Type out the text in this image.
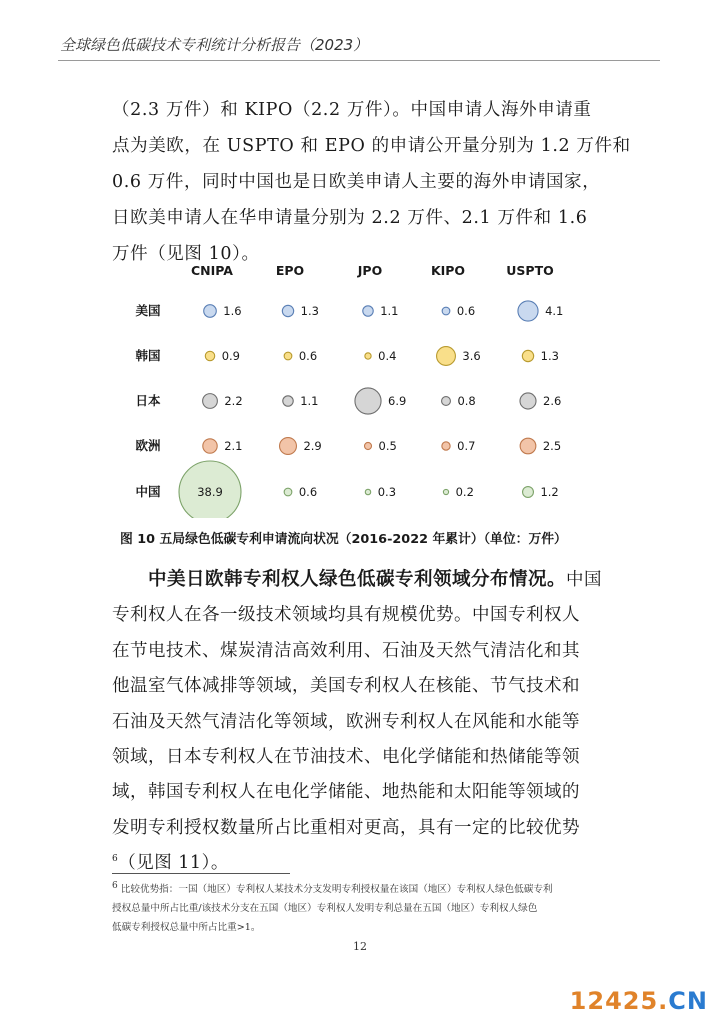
全球绿色低碳技术专利统计分析报告（2023）
（2.3 万件）和 KIPO（2.2 万件）。中国申请人海外申请重
点为美欧，在 USPTO 和 EPO 的申请公开量分别为 1.2 万件和
0.6 万件，同时中国也是日欧美申请人主要的海外申请国家，
日欧美申请人在华申请量分别为 2.2 万件、2.1 万件和 1.6
万件（见图 10）。
CNIPA	EPO	JPO	KIPO	USPTO
美国	1.6	1.3	1.1	0.6	4.1
韩国	0.9	0.6	0.4	3.6	1.3
日本	2.2	1.1	6.9	0.8	2.6
欧洲	2.1	2.9	0.5	0.7	2.5
中国	38.9	0.6	0.3	0.2	1.2
图 10 五局绿色低碳专利申请流向状况（2016-2022 年累计）（单位：万件）
中美日欧韩专利权人绿色低碳专利领域分布情况。中国
专利权人在各一级技术领域均具有规模优势。中国专利权人
在节电技术、煤炭清洁高效利用、石油及天然气清洁化和其
他温室气体减排等领域，美国专利权人在核能、节气技术和
石油及天然气清洁化等领域，欧洲专利权人在风能和水能等
领域，日本专利权人在节油技术、电化学储能和热储能等领
域，韩国专利权人在电化学储能、地热能和太阳能等领域的
发明专利授权数量所占比重相对更高，具有一定的比较优势
$^6$（见图 11）。
$^6$ 比较优势指：一国（地区）专利权人某技术分支发明专利授权量在该国（地区）专利权人绿色低碳专利
授权总量中所占比重/该技术分支在五国（地区）专利权人发明专利总量在五国（地区）专利权人绿色
低碳专利授权总量中所占比重>1。
12
12425.CN
